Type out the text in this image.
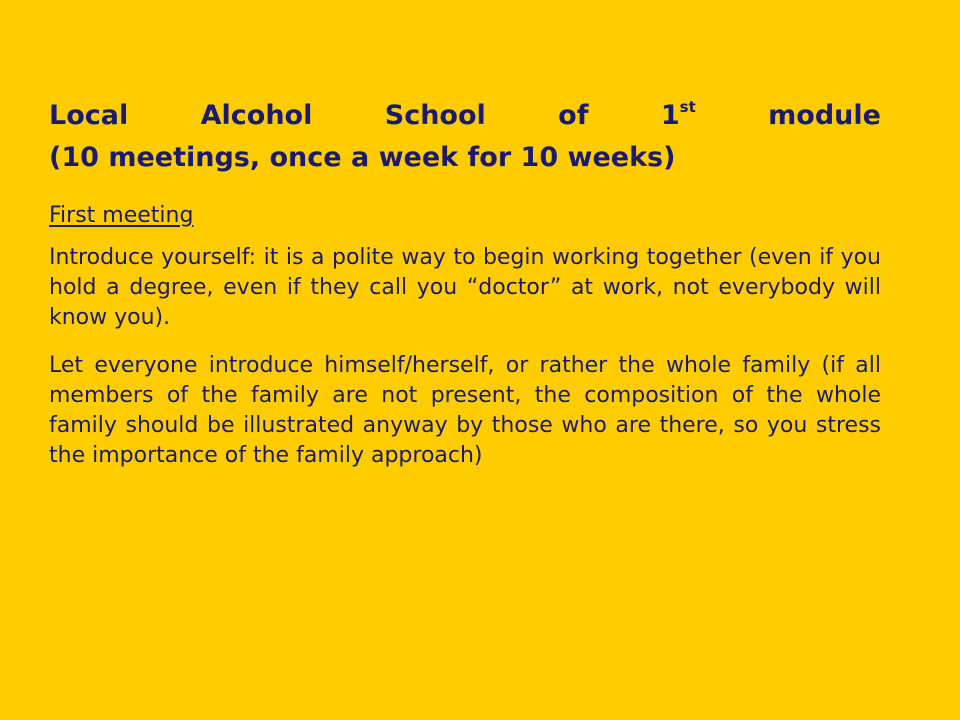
Local	Alcohol	School	of	1st	module
(10 meetings, once a week for 10 weeks)

First meeting

Introduce yourself: it is a polite way to begin working together (even if you hold a degree, even if they call you “doctor” at work, not everybody will know you).

Let everyone introduce himself/herself, or rather the whole family (if all members of the family are not present, the composition of the whole family should be illustrated anyway by those who are there, so you stress the importance of the family approach)
